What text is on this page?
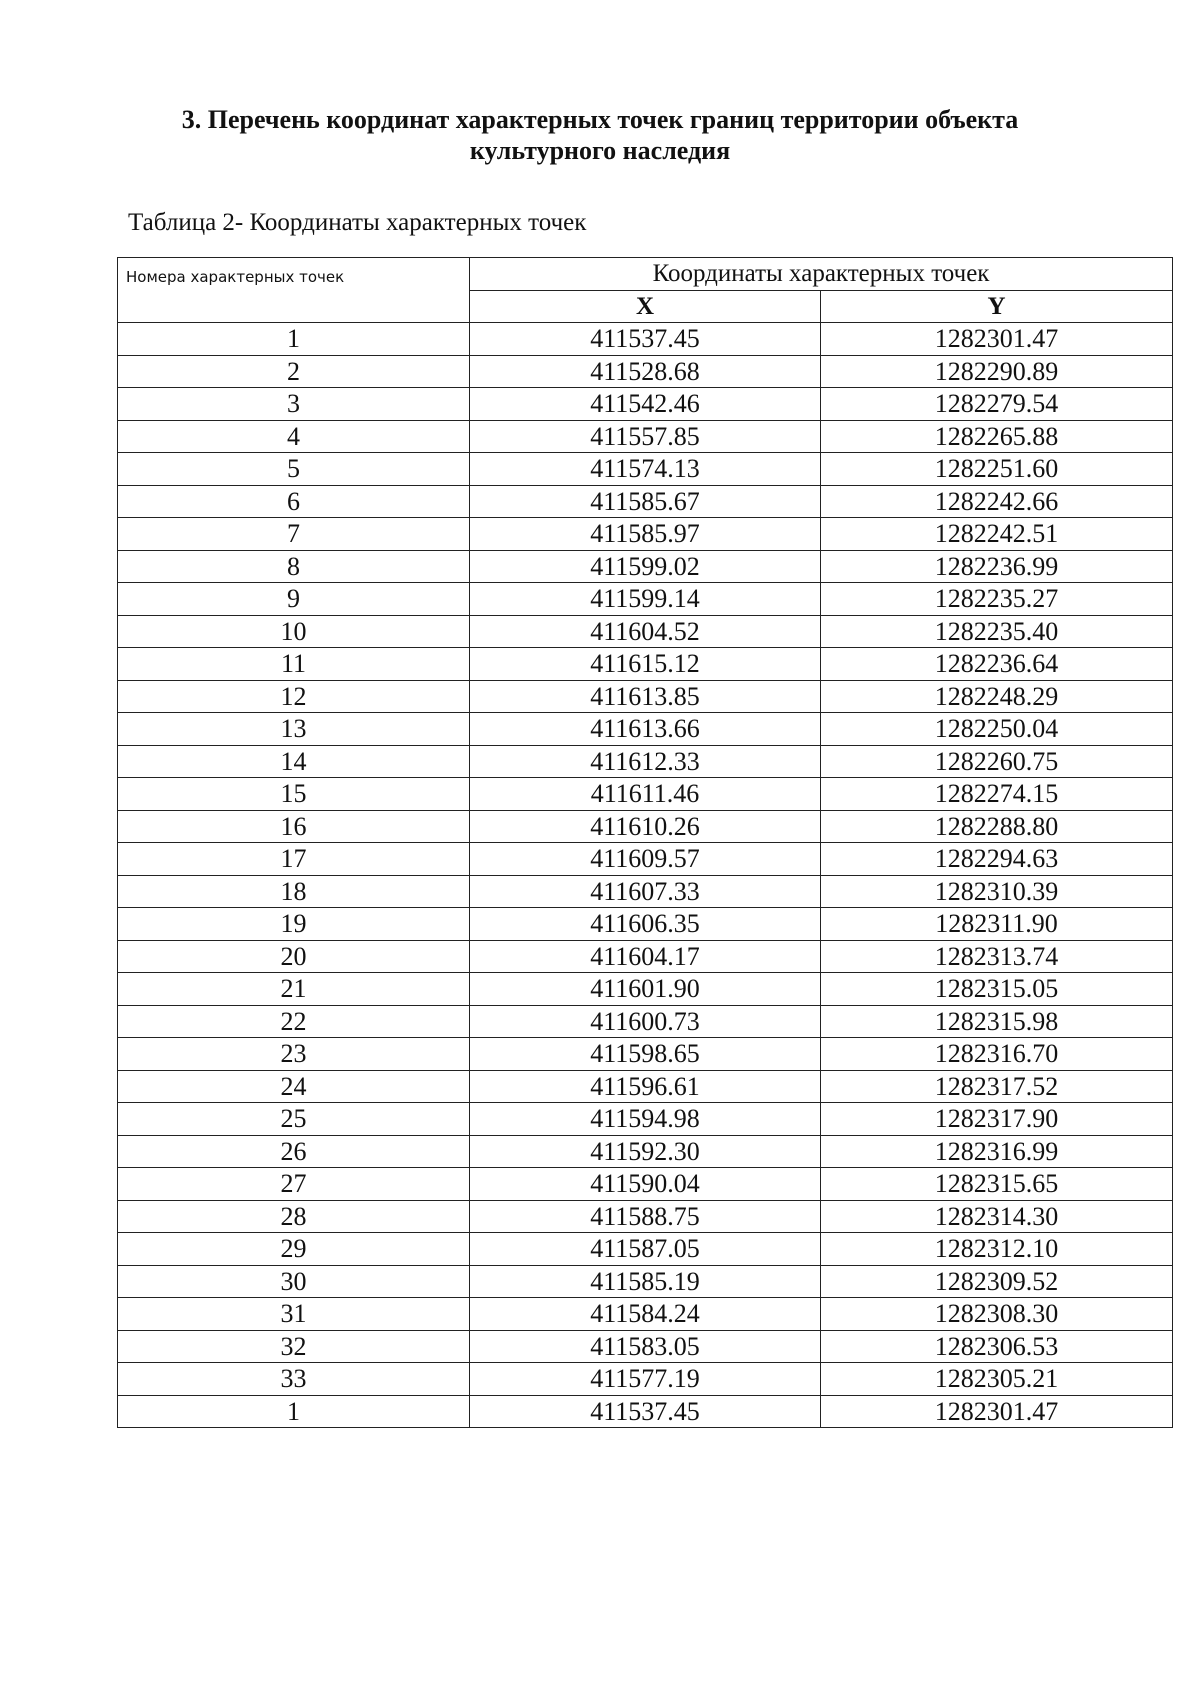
3. Перечень координат характерных точек границ территории объекта
культурного наследия
Таблица 2- Координаты характерных точек
Номера характерных точек	Координаты характерных точек	
	X	Y
1	411537.45	1282301.47
2	411528.68	1282290.89
3	411542.46	1282279.54
4	411557.85	1282265.88
5	411574.13	1282251.60
6	411585.67	1282242.66
7	411585.97	1282242.51
8	411599.02	1282236.99
9	411599.14	1282235.27
10	411604.52	1282235.40
11	411615.12	1282236.64
12	411613.85	1282248.29
13	411613.66	1282250.04
14	411612.33	1282260.75
15	411611.46	1282274.15
16	411610.26	1282288.80
17	411609.57	1282294.63
18	411607.33	1282310.39
19	411606.35	1282311.90
20	411604.17	1282313.74
21	411601.90	1282315.05
22	411600.73	1282315.98
23	411598.65	1282316.70
24	411596.61	1282317.52
25	411594.98	1282317.90
26	411592.30	1282316.99
27	411590.04	1282315.65
28	411588.75	1282314.30
29	411587.05	1282312.10
30	411585.19	1282309.52
31	411584.24	1282308.30
32	411583.05	1282306.53
33	411577.19	1282305.21
1	411537.45	1282301.47
